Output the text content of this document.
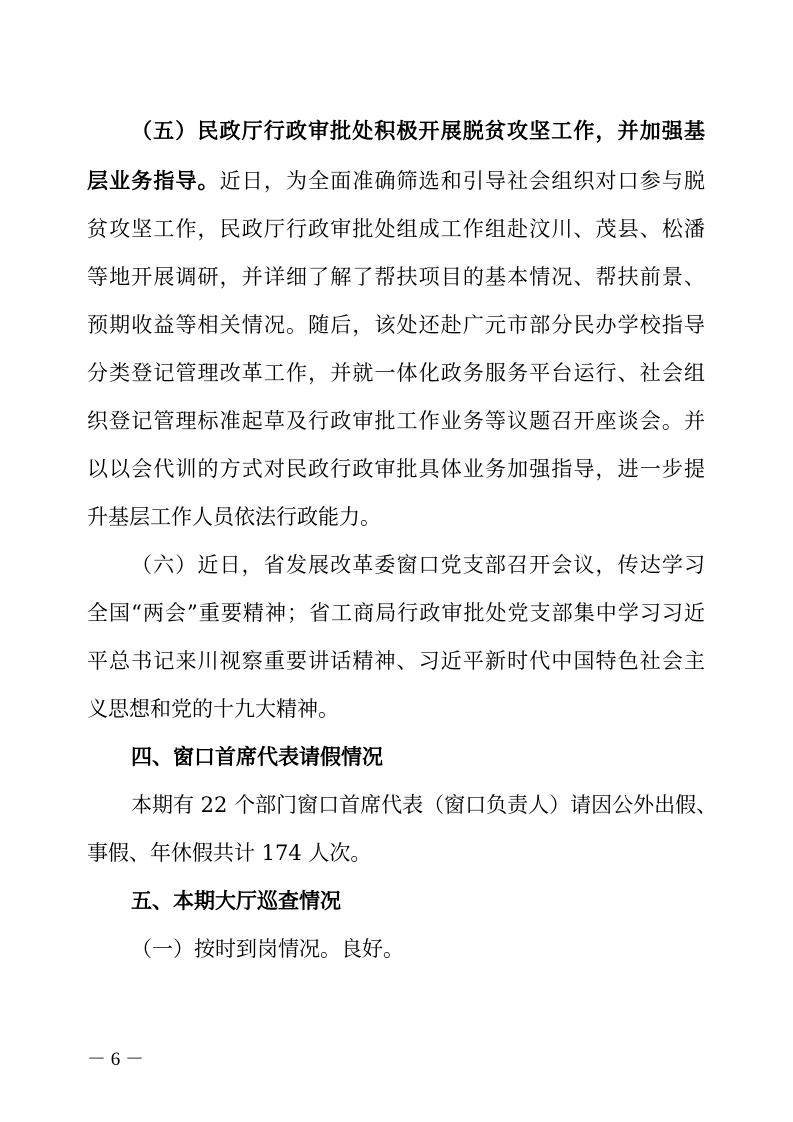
（五）民政厅行政审批处积极开展脱贫攻坚工作，并加强基
层业务指导。近日，为全面准确筛选和引导社会组织对口参与脱
贫攻坚工作，民政厅行政审批处组成工作组赴汶川、茂县、松潘
等地开展调研，并详细了解了帮扶项目的基本情况、帮扶前景、
预期收益等相关情况。随后，该处还赴广元市部分民办学校指导
分类登记管理改革工作，并就一体化政务服务平台运行、社会组
织登记管理标准起草及行政审批工作业务等议题召开座谈会。并
以以会代训的方式对民政行政审批具体业务加强指导，进一步提
升基层工作人员依法行政能力。
（六）近日，省发展改革委窗口党支部召开会议，传达学习
全国“两会”重要精神；省工商局行政审批处党支部集中学习习近
平总书记来川视察重要讲话精神、习近平新时代中国特色社会主
义思想和党的十九大精神。
四、窗口首席代表请假情况
本期有 22 个部门窗口首席代表（窗口负责人）请因公外出假、
事假、年休假共计 174 人次。
五、本期大厅巡查情况
（一）按时到岗情况。良好。
－ 6 －
